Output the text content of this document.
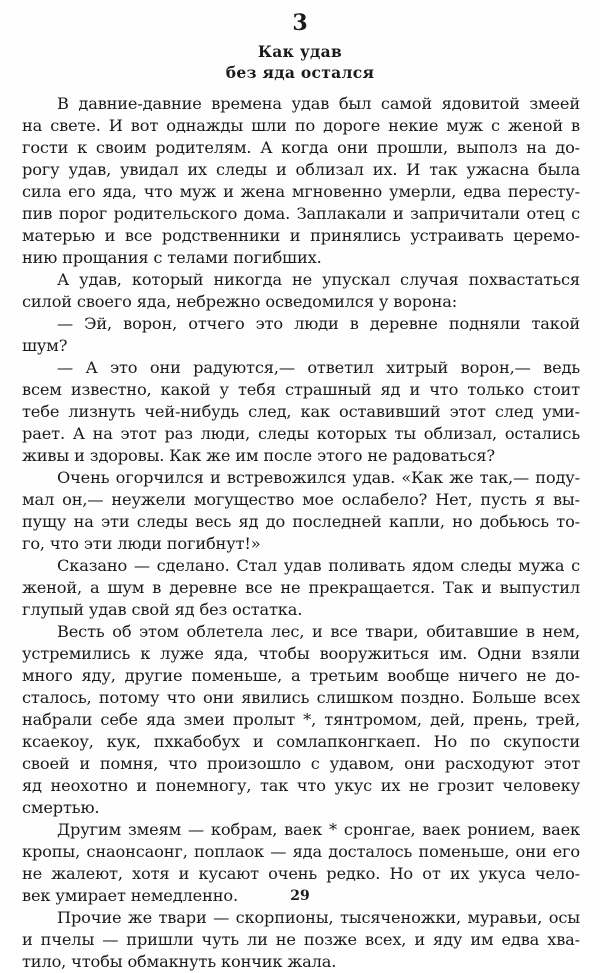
3
Как удав
без яда остался
В давние-давние времена удав был самой ядовитой змеей
на свете. И вот однажды шли по дороге некие муж с женой в
гости к своим родителям. А когда они прошли, выполз на до-
рогу удав, увидал их следы и облизал их. И так ужасна была
сила его яда, что муж и жена мгновенно умерли, едва пересту-
пив порог родительского дома. Заплакали и запричитали отец с
матерью и все родственники и принялись устраивать церемо-
нию прощания с телами погибших.
А удав, который никогда не упускал случая похвастаться
силой своего яда, небрежно осведомился у ворона:
— Эй, ворон, отчего это люди в деревне подняли такой
шум?
— А это они радуются,— ответил хитрый ворон,— ведь
всем известно, какой у тебя страшный яд и что только стоит
тебе лизнуть чей-нибудь след, как оставивший этот след уми-
рает. А на этот раз люди, следы которых ты облизал, остались
живы и здоровы. Как же им после этого не радоваться?
Очень огорчился и встревожился удав. «Как же так,— поду-
мал он,— неужели могущество мое ослабело? Нет, пусть я вы-
пущу на эти следы весь яд до последней капли, но добьюсь то-
го, что эти люди погибнут!»
Сказано — сделано. Стал удав поливать ядом следы мужа с
женой, а шум в деревне все не прекращается. Так и выпустил
глупый удав свой яд без остатка.
Весть об этом облетела лес, и все твари, обитавшие в нем,
устремились к луже яда, чтобы вооружиться им. Одни взяли
много яду, другие поменьше, а третьим вообще ничего не до-
сталось, потому что они явились слишком поздно. Больше всех
набрали себе яда змеи пролыт *, тянтромом, дей, прень, трей,
ксаекоу, кук, пхкабобух и сомлапконгкаеп. Но по скупости
своей и помня, что произошло с удавом, они расходуют этот
яд неохотно и понемногу, так что укус их не грозит человеку
смертью.
Другим змеям — кобрам, ваек * сронгае, ваек ронием, ваек
кропы, снаонсаонг, поплаок — яда досталось поменьше, они его
не жалеют, хотя и кусают очень редко. Но от их укуса чело-
век умирает немедленно.
Прочие же твари — скорпионы, тысяченожки, муравьи, осы
и пчелы — пришли чуть ли не позже всех, и яду им едва хва-
тило, чтобы обмакнуть кончик жала.
29
